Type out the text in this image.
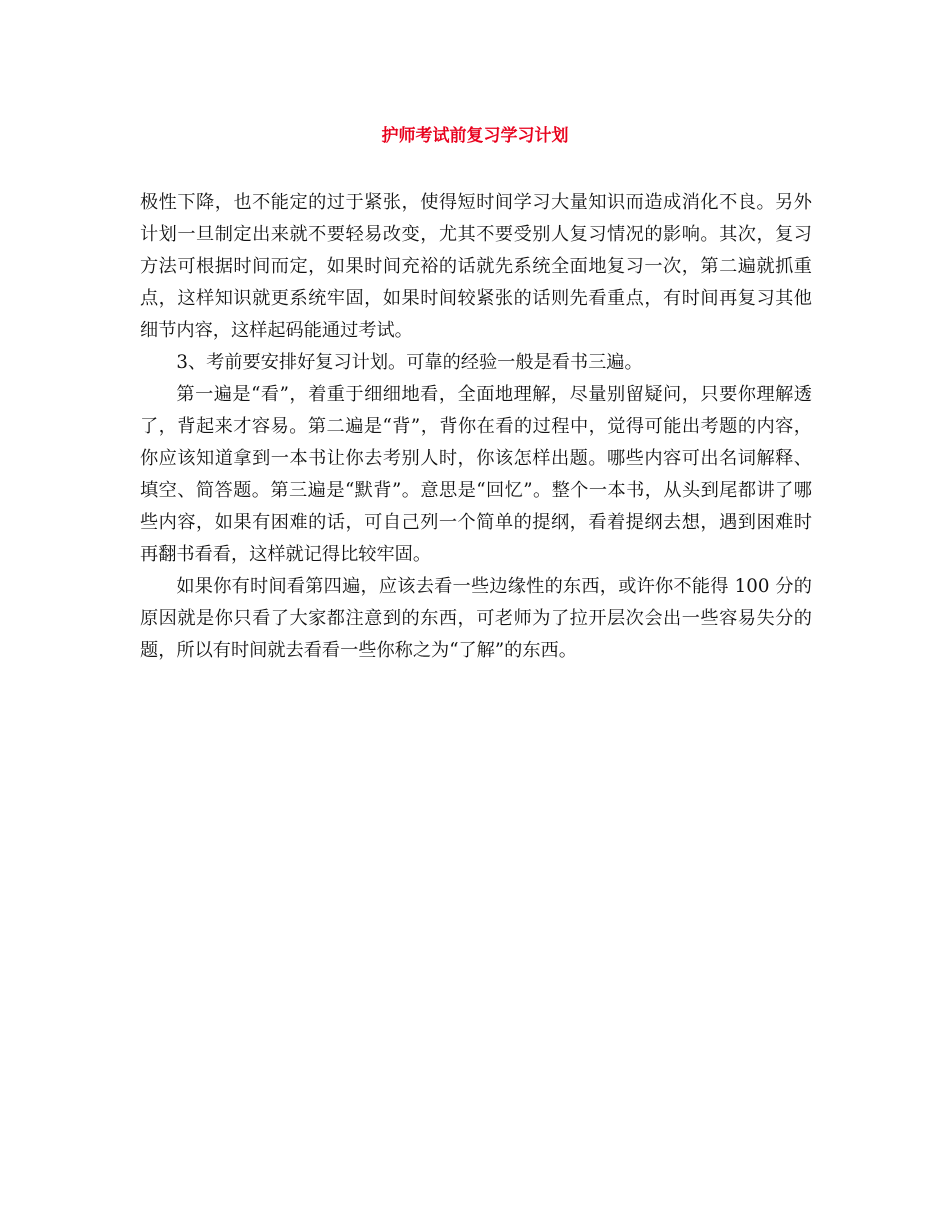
护师考试前复习学习计划

极性下降，也不能定的过于紧张，使得短时间学习大量知识而造成消化不良。另外计划一旦制定出来就不要轻易改变，尤其不要受别人复习情况的影响。其次，复习方法可根据时间而定，如果时间充裕的话就先系统全面地复习一次，第二遍就抓重点，这样知识就更系统牢固，如果时间较紧张的话则先看重点，有时间再复习其他细节内容，这样起码能通过考试。

3、考前要安排好复习计划。可靠的经验一般是看书三遍。

第一遍是“看”，着重于细细地看，全面地理解，尽量别留疑问，只要你理解透了，背起来才容易。第二遍是“背”，背你在看的过程中，觉得可能出考题的内容，你应该知道拿到一本书让你去考别人时，你该怎样出题。哪些内容可出名词解释、填空、简答题。第三遍是“默背”。意思是“回忆”。整个一本书，从头到尾都讲了哪些内容，如果有困难的话，可自己列一个简单的提纲，看着提纲去想，遇到困难时再翻书看看，这样就记得比较牢固。

如果你有时间看第四遍，应该去看一些边缘性的东西，或许你不能得 100 分的原因就是你只看了大家都注意到的东西，可老师为了拉开层次会出一些容易失分的题，所以有时间就去看看一些你称之为“了解”的东西。
